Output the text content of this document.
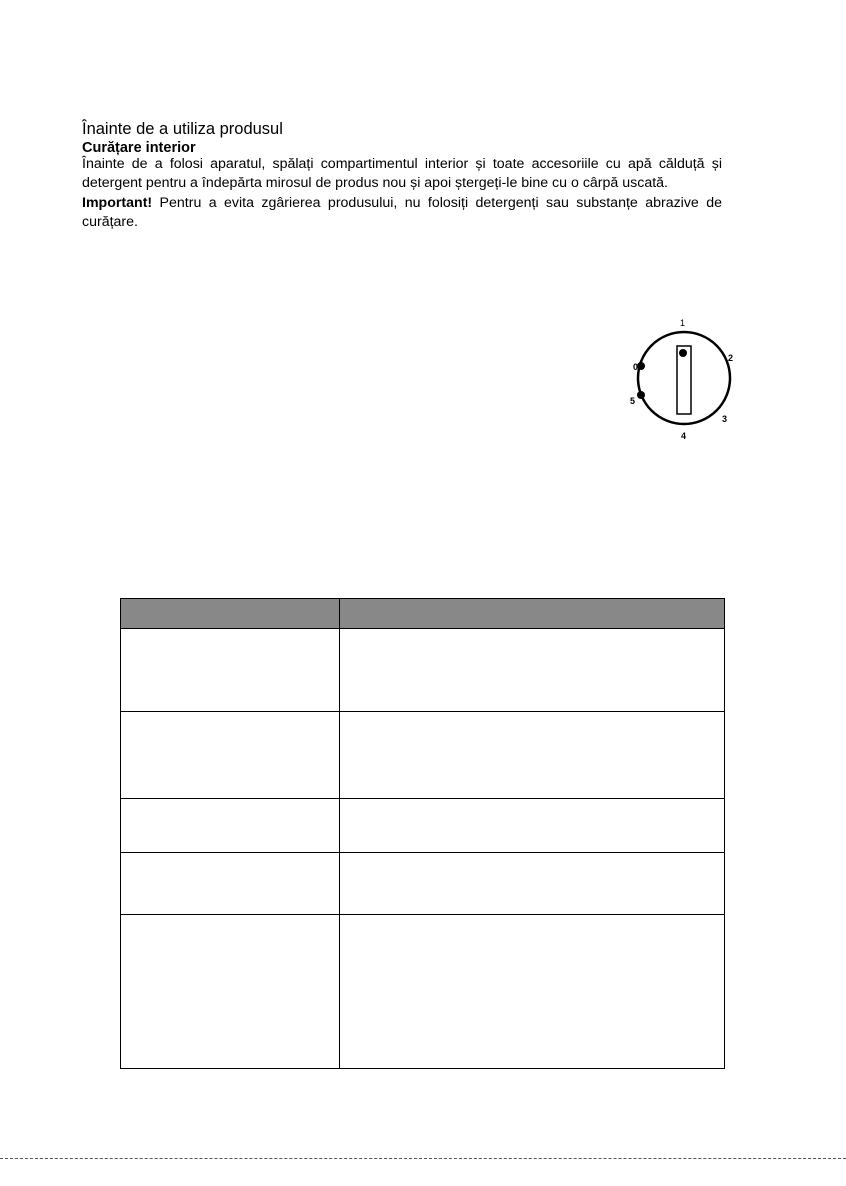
Înainte de a utiliza produsul
Curățare interior
Înainte de a folosi aparatul, spălați compartimentul interior și toate accesoriile cu apă călduță și detergent pentru a îndepărta mirosul de produs nou și apoi ștergeți-le bine cu o cârpă uscată.
Important! Pentru a evita zgârierea produsului, nu folosiți detergenți sau substanțe abrazive de curățare.
0
1
2
3
4
5
